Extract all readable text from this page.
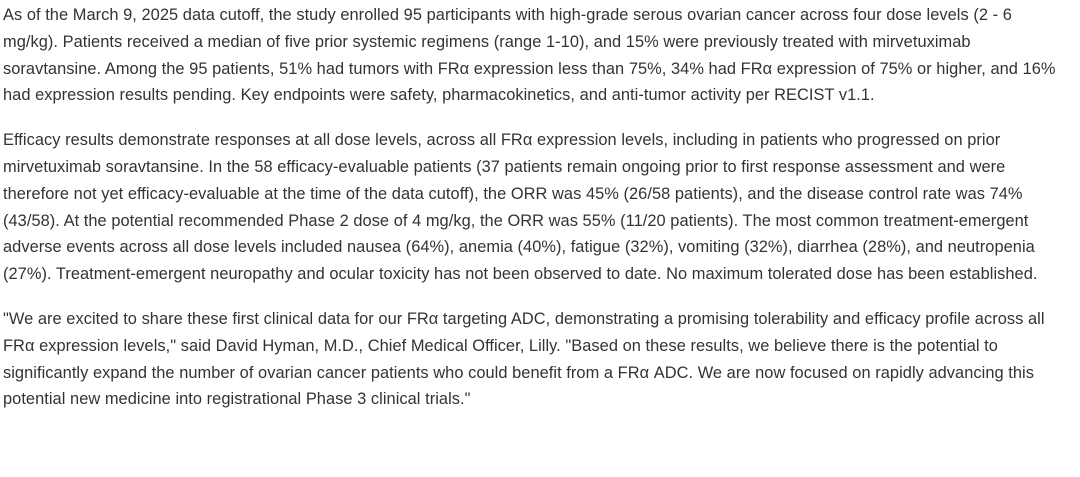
As of the March 9, 2025 data cutoff, the study enrolled 95 participants with high-grade serous ovarian cancer across four dose levels (2 - 6 mg/kg). Patients received a median of five prior systemic regimens (range 1-10), and 15% were previously treated with mirvetuximab soravtansine. Among the 95 patients, 51% had tumors with FRα expression less than 75%, 34% had FRα expression of 75% or higher, and 16% had expression results pending. Key endpoints were safety, pharmacokinetics, and anti-tumor activity per RECIST v1.1.

Efficacy results demonstrate responses at all dose levels, across all FRα expression levels, including in patients who progressed on prior mirvetuximab soravtansine. In the 58 efficacy-evaluable patients (37 patients remain ongoing prior to first response assessment and were therefore not yet efficacy-evaluable at the time of the data cutoff), the ORR was 45% (26/58 patients), and the disease control rate was 74% (43/58). At the potential recommended Phase 2 dose of 4 mg/kg, the ORR was 55% (11/20 patients). The most common treatment-emergent adverse events across all dose levels included nausea (64%), anemia (40%), fatigue (32%), vomiting (32%), diarrhea (28%), and neutropenia (27%). Treatment-emergent neuropathy and ocular toxicity has not been observed to date. No maximum tolerated dose has been established.

"We are excited to share these first clinical data for our FRα targeting ADC, demonstrating a promising tolerability and efficacy profile across all FRα expression levels," said David Hyman, M.D., Chief Medical Officer, Lilly. "Based on these results, we believe there is the potential to significantly expand the number of ovarian cancer patients who could benefit from a FRα ADC. We are now focused on rapidly advancing this potential new medicine into registrational Phase 3 clinical trials."
